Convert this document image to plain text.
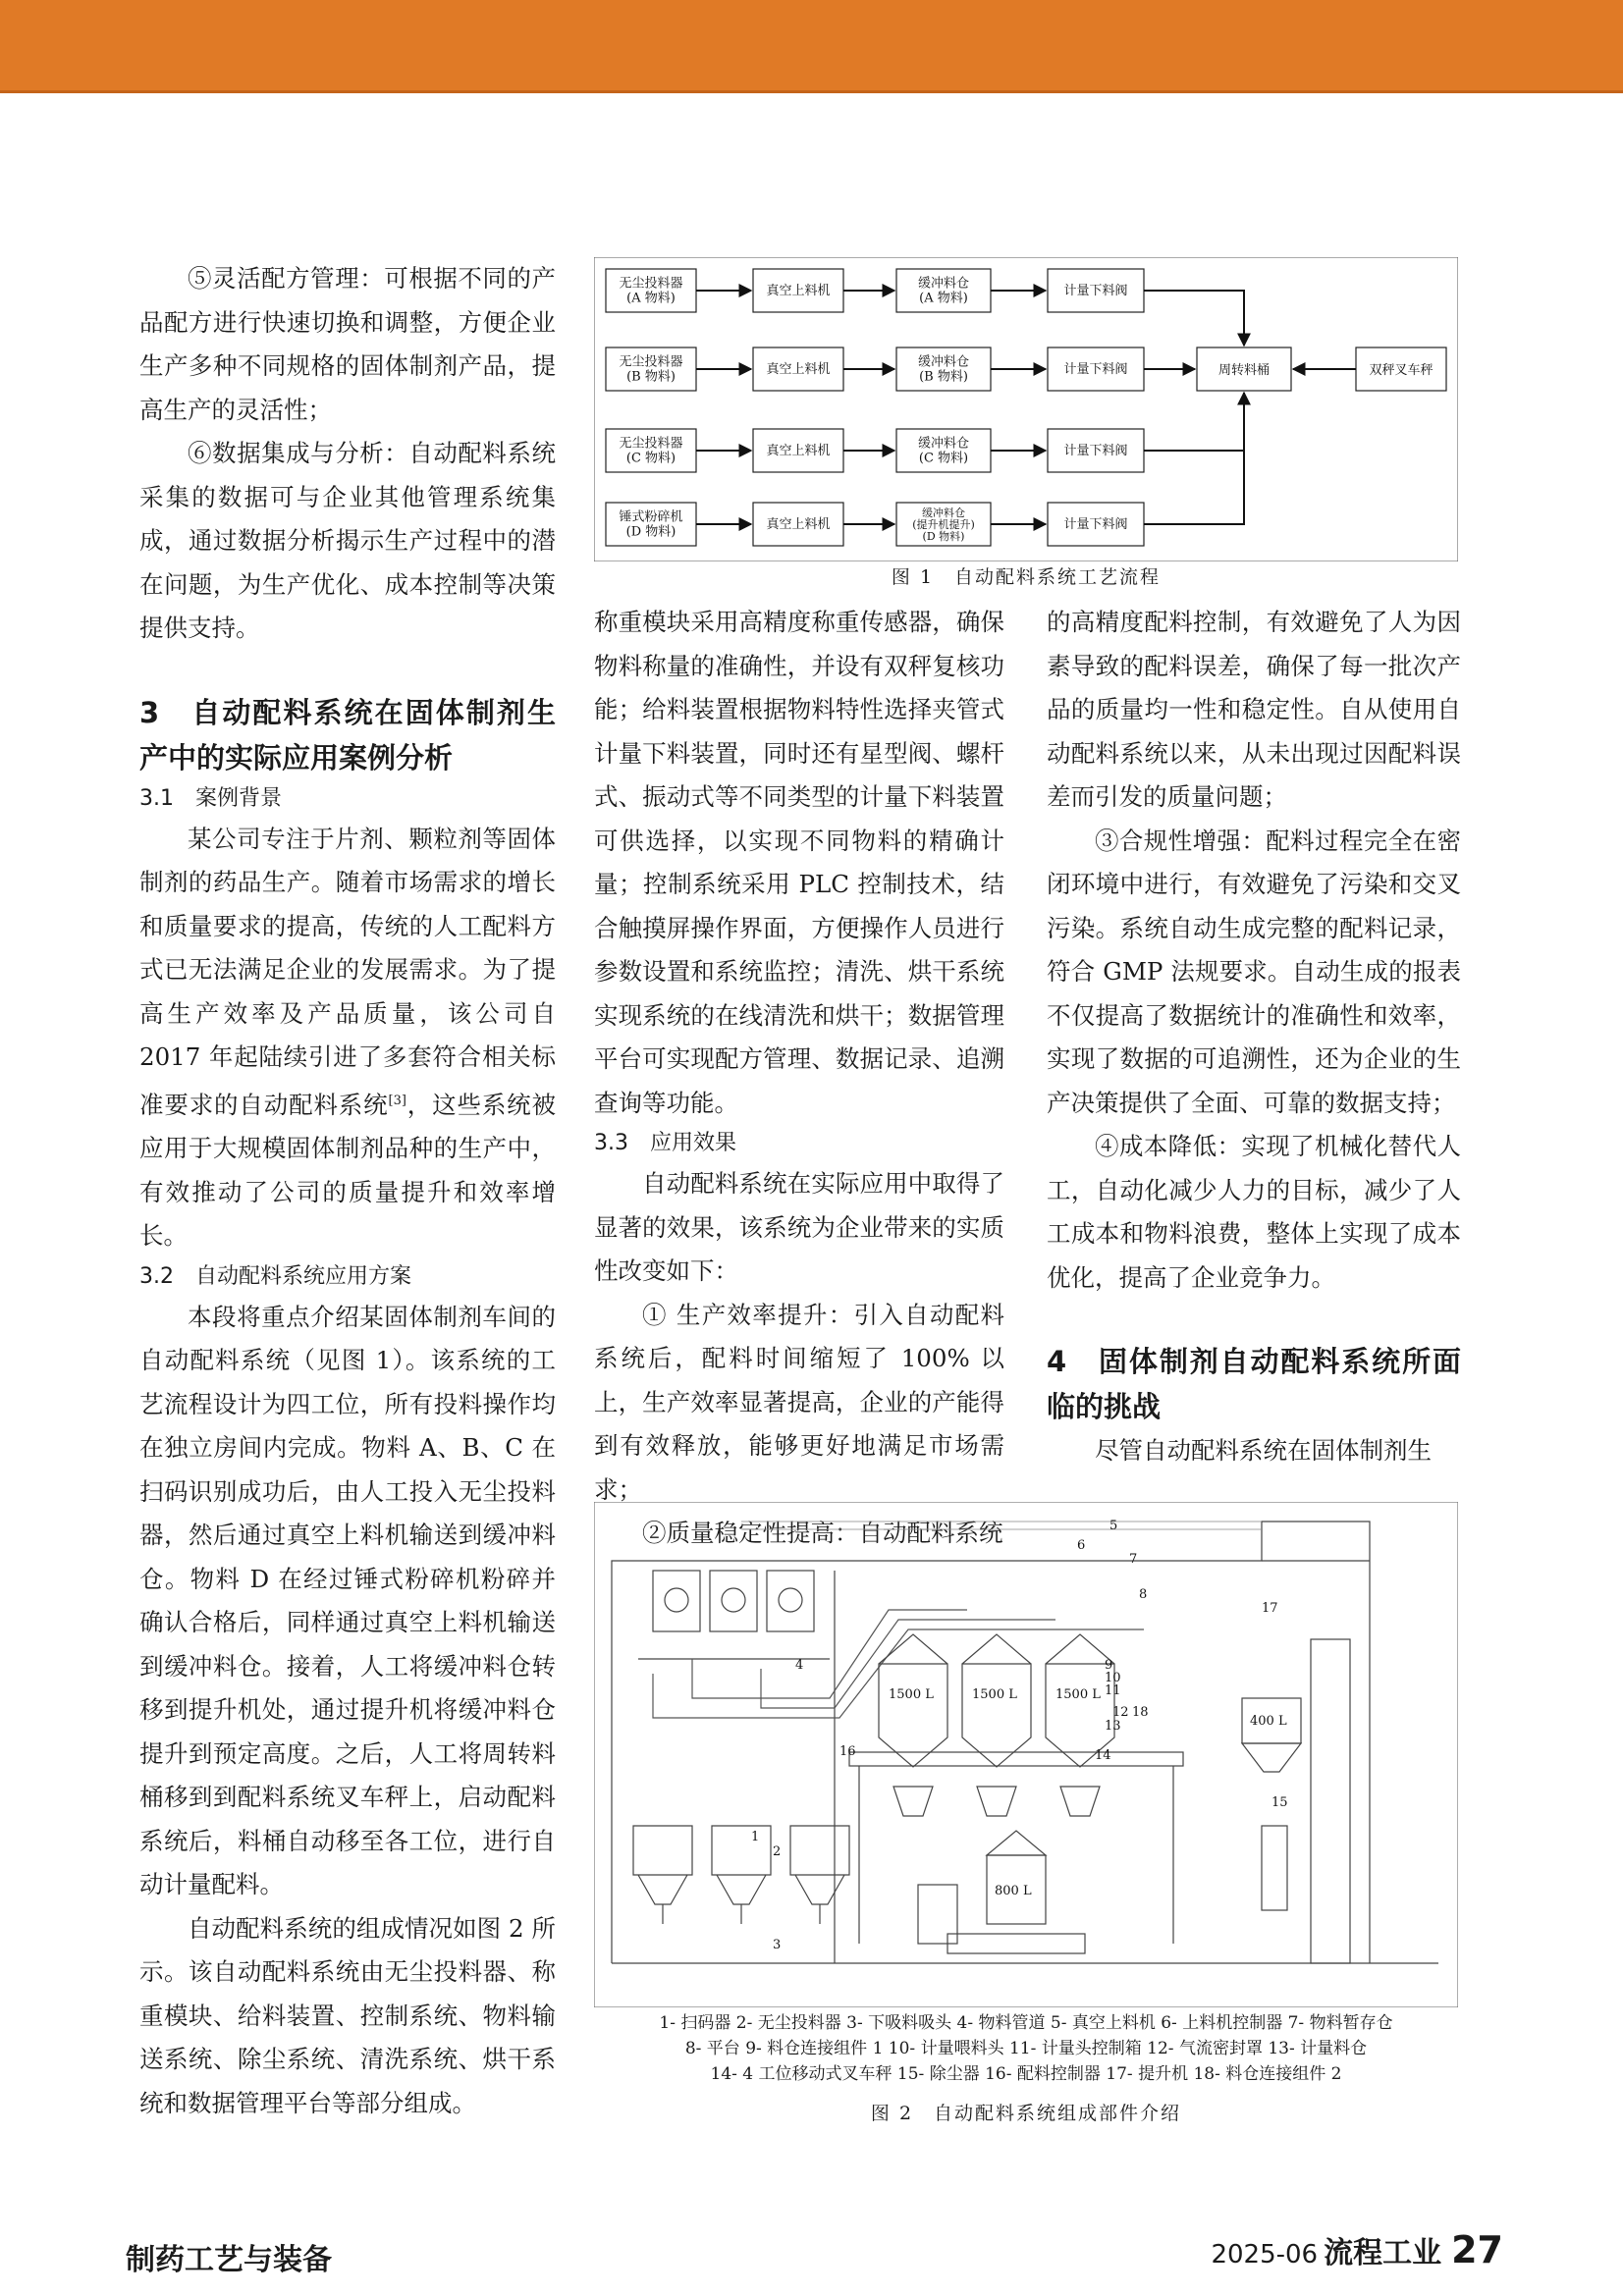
⑤灵活配方管理：可根据不同的产品配方进行快速切换和调整，方便企业生产多种不同规格的固体制剂产品，提高生产的灵活性；

⑥数据集成与分析：自动配料系统采集的数据可与企业其他管理系统集成，通过数据分析揭示生产过程中的潜在问题，为生产优化、成本控制等决策提供支持。

3　自动配料系统在固体制剂生产中的实际应用案例分析
3.1　案例背景

某公司专注于片剂、颗粒剂等固体制剂的药品生产。随着市场需求的增长和质量要求的提高，传统的人工配料方式已无法满足企业的发展需求。为了提高生产效率及产品质量，该公司自 2017 年起陆续引进了多套符合相关标准要求的自动配料系统[3]，这些系统被应用于大规模固体制剂品种的生产中，有效推动了公司的质量提升和效率增长。

3.2　自动配料系统应用方案

本段将重点介绍某固体制剂车间的自动配料系统（见图 1）。该系统的工艺流程设计为四工位，所有投料操作均在独立房间内完成。物料 A、B、C 在扫码识别成功后，由人工投入无尘投料器，然后通过真空上料机输送到缓冲料仓。物料 D 在经过锤式粉碎机粉碎并确认合格后，同样通过真空上料机输送到缓冲料仓。接着，人工将缓冲料仓转移到提升机处，通过提升机将缓冲料仓提升到预定高度。之后，人工将周转料桶移到到配料系统叉车秤上，启动配料系统后，料桶自动移至各工位，进行自动计量配料。

自动配料系统的组成情况如图 2 所示。该自动配料系统由无尘投料器、称重模块、给料装置、控制系统、物料输送系统、除尘系统、清洗系统、烘干系统和数据管理平台等部分组成。

无尘投料器
(A 物料)	真空上料机	缓冲料仓
(A 物料)	计量下料阀
无尘投料器
(B 物料)	真空上料机	缓冲料仓
(B 物料)	计量下料阀
无尘投料器
(C 物料)	真空上料机	缓冲料仓
(C 物料)	计量下料阀
锤式粉碎机
(D 物料)	真空上料机
缓冲料仓
(提升机提升)
(D 物料)
计量下料阀
周转料桶	双秤叉车秤
图 1　自动配料系统工艺流程

称重模块采用高精度称重传感器，确保物料称量的准确性，并设有双秤复核功能；给料装置根据物料特性选择夹管式计量下料装置，同时还有星型阀、螺杆式、振动式等不同类型的计量下料装置可供选择，以实现不同物料的精确计量；控制系统采用 PLC 控制技术，结合触摸屏操作界面，方便操作人员进行参数设置和系统监控；清洗、烘干系统实现系统的在线清洗和烘干；数据管理平台可实现配方管理、数据记录、追溯查询等功能。

3.3　应用效果

自动配料系统在实际应用中取得了显著的效果，该系统为企业带来的实质性改变如下：

① 生产效率提升：引入自动配料系统后，配料时间缩短了 100% 以上，生产效率显著提高，企业的产能得到有效释放，能够更好地满足市场需求；

②质量稳定性提高：自动配料系统

的高精度配料控制，有效避免了人为因素导致的配料误差，确保了每一批次产品的质量均一性和稳定性。自从使用自动配料系统以来，从未出现过因配料误差而引发的质量问题；

③合规性增强：配料过程完全在密闭环境中进行，有效避免了污染和交叉污染。系统自动生成完整的配料记录，符合 GMP 法规要求。自动生成的报表不仅提高了数据统计的准确性和效率，实现了数据的可追溯性，还为企业的生产决策提供了全面、可靠的数据支持；

④成本降低：实现了机械化替代人工，自动化减少人力的目标，减少了人工成本和物料浪费，整体上实现了成本优化，提高了企业竞争力。

4　固体制剂自动配料系统所面临的挑战

尽管自动配料系统在固体制剂生

1500 L	1500 L	1500 L
400 L
800 L
1
2
3
4
5
6
7
8
9
10
11
12
13
14
15
16
17
18
1- 扫码器 2- 无尘投料器 3- 下吸料吸头 4- 物料管道 5- 真空上料机 6- 上料机控制器 7- 物料暂存仓
8- 平台 9- 料仓连接组件 1 10- 计量喂料头 11- 计量头控制箱 12- 气流密封罩 13- 计量料仓
14- 4 工位移动式叉车秤 15- 除尘器 16- 配料控制器 17- 提升机 18- 料仓连接组件 2
图 2　自动配料系统组成部件介绍
制药工艺与装备	2025-06 流程工业 27
